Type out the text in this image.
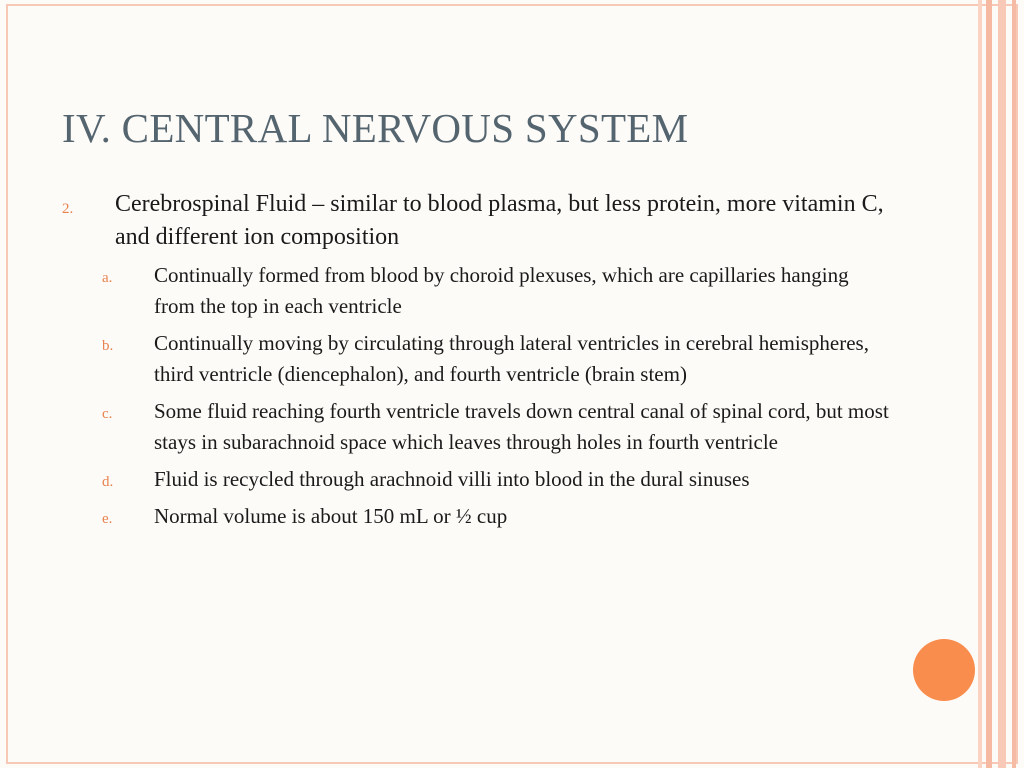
IV. CENTRAL NERVOUS SYSTEM
2. Cerebrospinal Fluid – similar to blood plasma, but less protein, more vitamin C, and different ion composition
a. Continually formed from blood by choroid plexuses, which are capillaries hanging from the top in each ventricle
b. Continually moving by circulating through lateral ventricles in cerebral hemispheres, third ventricle (diencephalon), and fourth ventricle (brain stem)
c. Some fluid reaching fourth ventricle travels down central canal of spinal cord, but most stays in subarachnoid space which leaves through holes in fourth ventricle
d. Fluid is recycled through arachnoid villi into blood in the dural sinuses
e. Normal volume is about 150 mL or ½ cup
